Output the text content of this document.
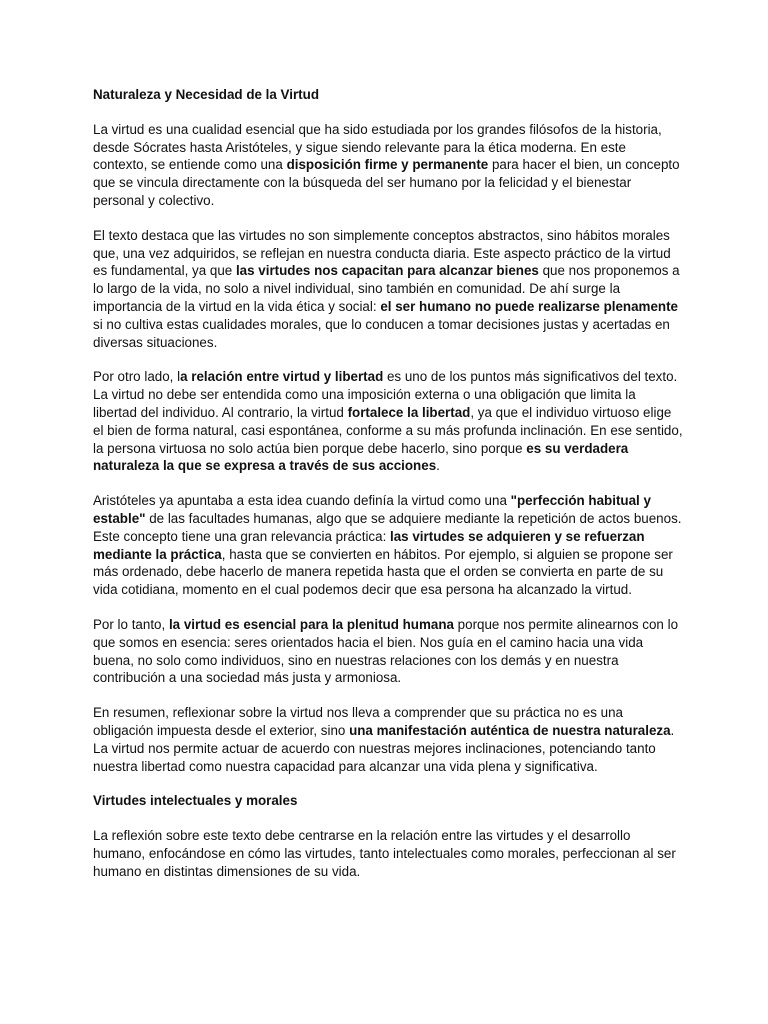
Naturaleza y Necesidad de la Virtud
La virtud es una cualidad esencial que ha sido estudiada por los grandes filósofos de la historia, desde Sócrates hasta Aristóteles, y sigue siendo relevante para la ética moderna. En este contexto, se entiende como una disposición firme y permanente para hacer el bien, un concepto que se vincula directamente con la búsqueda del ser humano por la felicidad y el bienestar personal y colectivo.
El texto destaca que las virtudes no son simplemente conceptos abstractos, sino hábitos morales que, una vez adquiridos, se reflejan en nuestra conducta diaria. Este aspecto práctico de la virtud es fundamental, ya que las virtudes nos capacitan para alcanzar bienes que nos proponemos a lo largo de la vida, no solo a nivel individual, sino también en comunidad. De ahí surge la importancia de la virtud en la vida ética y social: el ser humano no puede realizarse plenamente si no cultiva estas cualidades morales, que lo conducen a tomar decisiones justas y acertadas en diversas situaciones.
Por otro lado, la relación entre virtud y libertad es uno de los puntos más significativos del texto. La virtud no debe ser entendida como una imposición externa o una obligación que limita la libertad del individuo. Al contrario, la virtud fortalece la libertad, ya que el individuo virtuoso elige el bien de forma natural, casi espontánea, conforme a su más profunda inclinación. En ese sentido, la persona virtuosa no solo actúa bien porque debe hacerlo, sino porque es su verdadera naturaleza la que se expresa a través de sus acciones.
Aristóteles ya apuntaba a esta idea cuando definía la virtud como una "perfección habitual y estable" de las facultades humanas, algo que se adquiere mediante la repetición de actos buenos. Este concepto tiene una gran relevancia práctica: las virtudes se adquieren y se refuerzan mediante la práctica, hasta que se convierten en hábitos. Por ejemplo, si alguien se propone ser más ordenado, debe hacerlo de manera repetida hasta que el orden se convierta en parte de su vida cotidiana, momento en el cual podemos decir que esa persona ha alcanzado la virtud.
Por lo tanto, la virtud es esencial para la plenitud humana porque nos permite alinearnos con lo que somos en esencia: seres orientados hacia el bien. Nos guía en el camino hacia una vida buena, no solo como individuos, sino en nuestras relaciones con los demás y en nuestra contribución a una sociedad más justa y armoniosa.
En resumen, reflexionar sobre la virtud nos lleva a comprender que su práctica no es una obligación impuesta desde el exterior, sino una manifestación auténtica de nuestra naturaleza. La virtud nos permite actuar de acuerdo con nuestras mejores inclinaciones, potenciando tanto nuestra libertad como nuestra capacidad para alcanzar una vida plena y significativa.
Virtudes intelectuales y morales
La reflexión sobre este texto debe centrarse en la relación entre las virtudes y el desarrollo humano, enfocándose en cómo las virtudes, tanto intelectuales como morales, perfeccionan al ser humano en distintas dimensiones de su vida.
